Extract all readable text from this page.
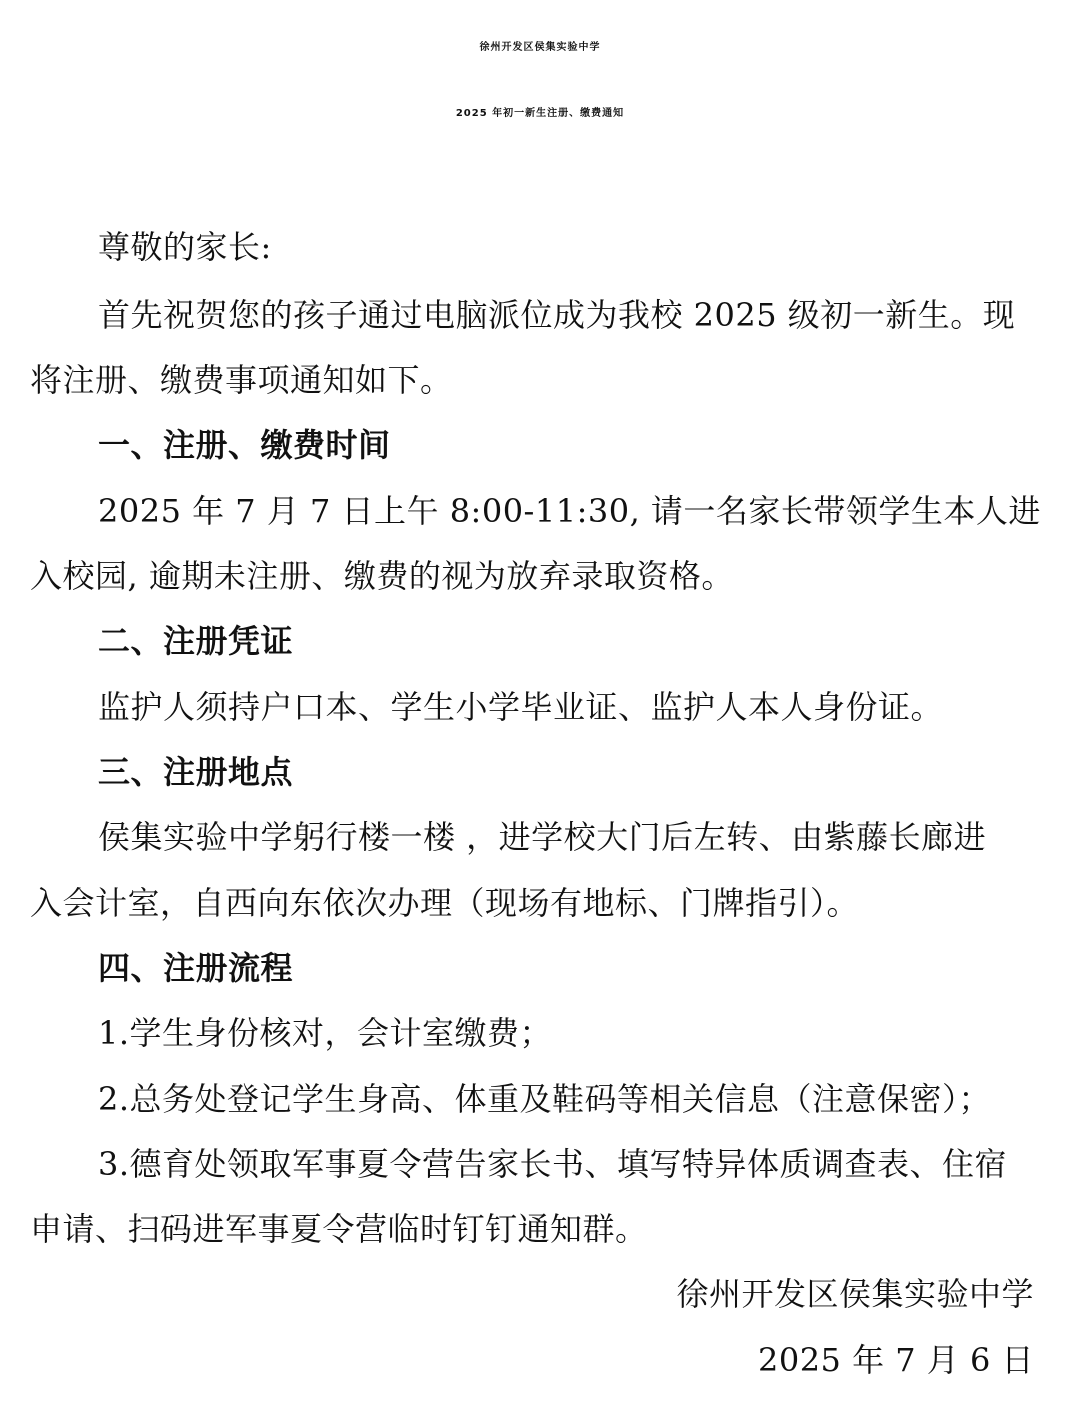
徐州开发区侯集实验中学
2025 年初一新生注册、缴费通知
尊敬的家长:
首先祝贺您的孩子通过电脑派位成为我校 2025 级初一新生。现
将注册、缴费事项通知如下。
一、注册、缴费时间
2025 年 7 月 7 日上午 8:00-11:30, 请一名家长带领学生本人进
入校园, 逾期未注册、缴费的视为放弃录取资格。
二、注册凭证
监护人须持户口本、学生小学毕业证、监护人本人身份证。
三、注册地点
侯集实验中学躬行楼一楼 ，进学校大门后左转、由紫藤长廊进
入会计室，自西向东依次办理（现场有地标、门牌指引）。
四、注册流程
1.学生身份核对，会计室缴费；
2.总务处登记学生身高、体重及鞋码等相关信息（注意保密）；
3.德育处领取军事夏令营告家长书、填写特异体质调查表、住宿
申请、扫码进军事夏令营临时钉钉通知群。
徐州开发区侯集实验中学
2025 年 7 月 6 日
